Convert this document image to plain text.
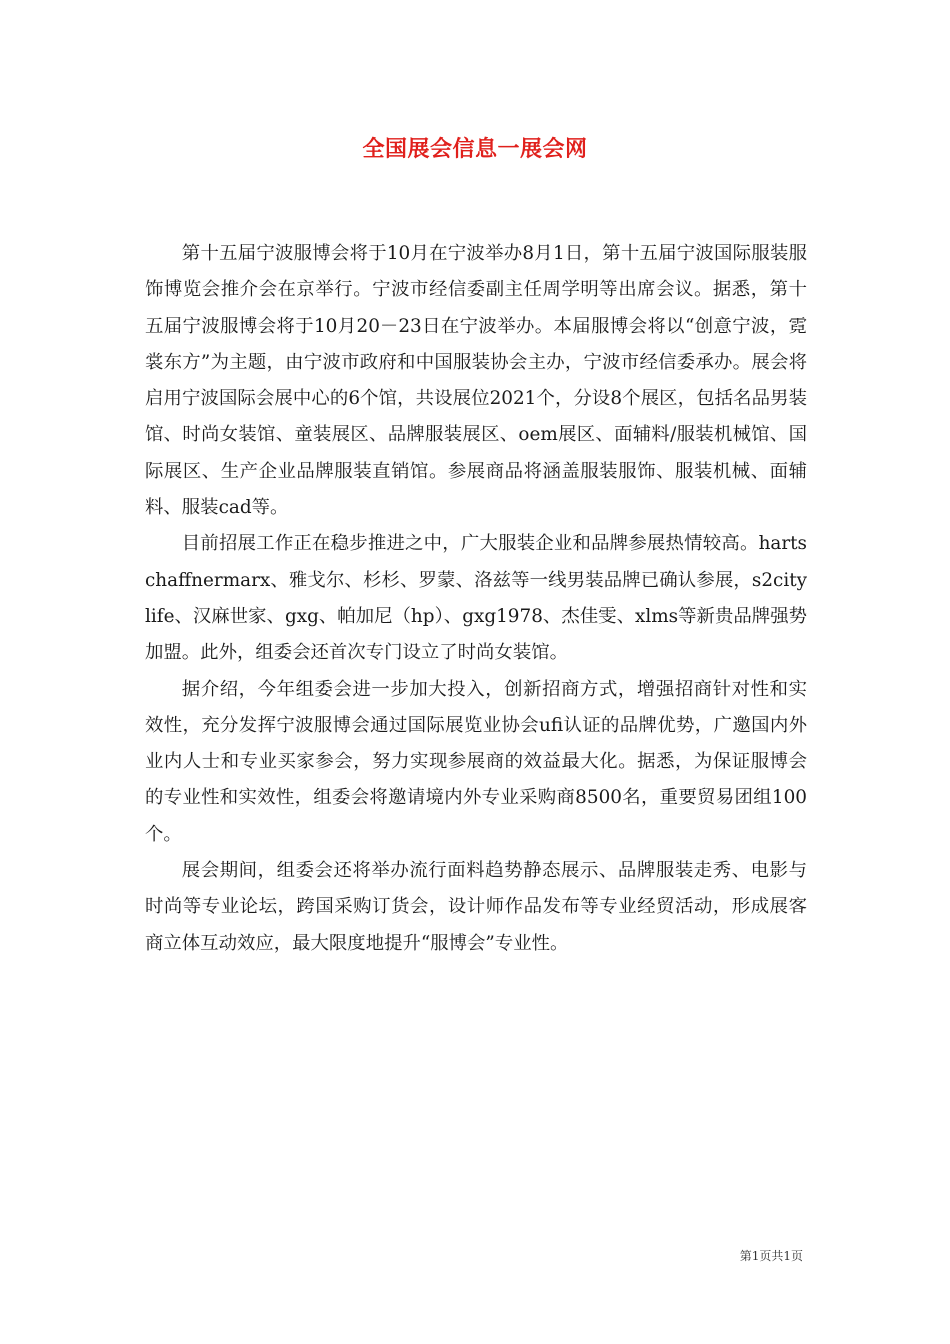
全国展会信息一展会网

第十五届宁波服博会将于10月在宁波举办8月1日，第十五届宁波国际服装服饰博览会推介会在京举行。宁波市经信委副主任周学明等出席会议。据悉，第十五届宁波服博会将于10月20－23日在宁波举办。本届服博会将以“创意宁波，霓裳东方”为主题，由宁波市政府和中国服装协会主办，宁波市经信委承办。展会将启用宁波国际会展中心的6个馆，共设展位2021个，分设8个展区，包括名品男装馆、时尚女装馆、童装展区、品牌服装展区、oem展区、面辅料/服装机械馆、国际展区、生产企业品牌服装直销馆。参展商品将涵盖服装服饰、服装机械、面辅料、服装cad等。

目前招展工作正在稳步推进之中，广大服装企业和品牌参展热情较高。hartschaffnermarx、雅戈尔、杉杉、罗蒙、洛兹等一线男装品牌已确认参展，s2citylife、汉麻世家、gxg、帕加尼（hp）、gxg1978、杰佳雯、xlms等新贵品牌强势加盟。此外，组委会还首次专门设立了时尚女装馆。

据介绍，今年组委会进一步加大投入，创新招商方式，增强招商针对性和实效性，充分发挥宁波服博会通过国际展览业协会ufi认证的品牌优势，广邀国内外业内人士和专业买家参会，努力实现参展商的效益最大化。据悉，为保证服博会的专业性和实效性，组委会将邀请境内外专业采购商8500名，重要贸易团组100个。

展会期间，组委会还将举办流行面料趋势静态展示、品牌服装走秀、电影与时尚等专业论坛，跨国采购订货会，设计师作品发布等专业经贸活动，形成展客商立体互动效应，最大限度地提升“服博会”专业性。

第1页共1页
